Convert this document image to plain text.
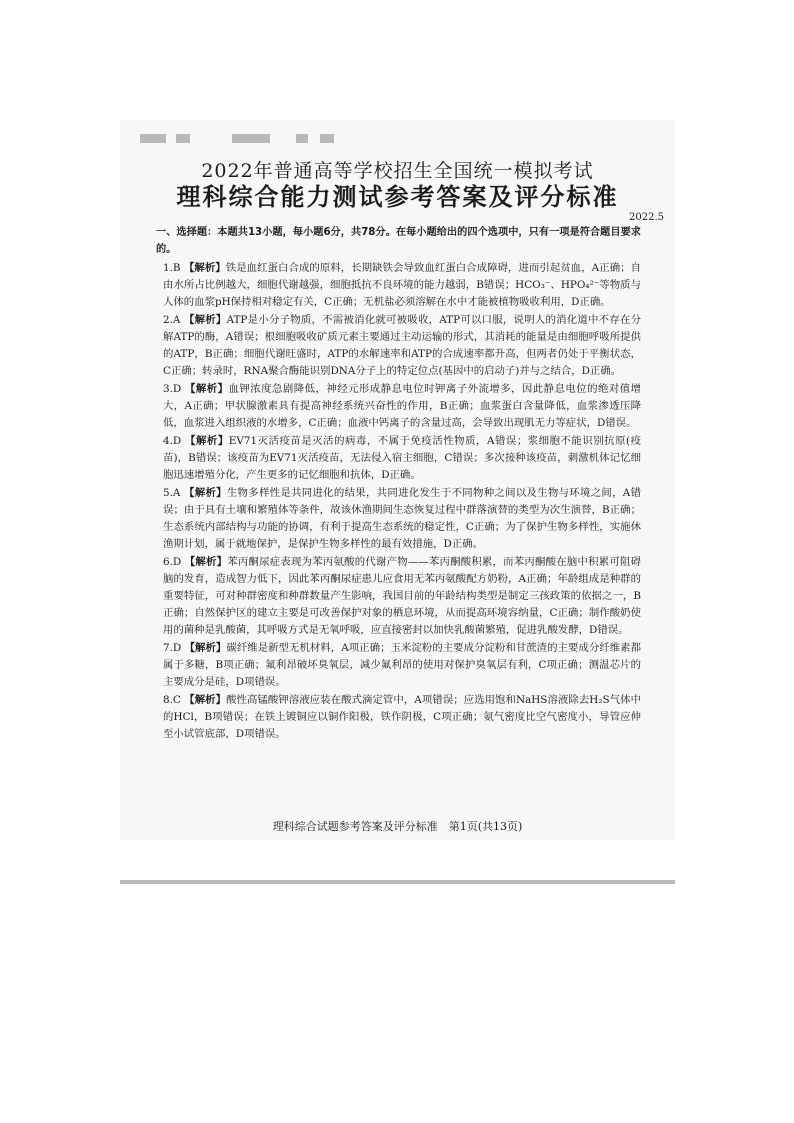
2022年普通高等学校招生全国统一模拟考试
理科综合能力测试参考答案及评分标准
2022.5
一、选择题：本题共13小题，每小题6分，共78分。在每小题给出的四个选项中，只有一项是符合题目要求的。
1.B 【解析】铁是血红蛋白合成的原料，长期缺铁会导致血红蛋白合成障碍，进而引起贫血，A正确；自由水所占比例越大，细胞代谢越强，细胞抵抗不良环境的能力越弱，B错误；HCO₃⁻、HPO₄²⁻等物质与人体的血浆pH保持相对稳定有关，C正确；无机盐必须溶解在水中才能被植物吸收利用，D正确。
2.A 【解析】ATP是小分子物质，不需被消化就可被吸收，ATP可以口服，说明人的消化道中不存在分解ATP的酶，A错误；根细胞吸收矿质元素主要通过主动运输的形式，其消耗的能量是由细胞呼吸所提供的ATP，B正确；细胞代谢旺盛时，ATP的水解速率和ATP的合成速率都升高，但两者仍处于平衡状态，C正确；转录时，RNA聚合酶能识别DNA分子上的特定位点(基因中的启动子)并与之结合，D正确。
3.D 【解析】血钾浓度急剧降低，神经元形成静息电位时钾离子外流增多，因此静息电位的绝对值增大，A正确；甲状腺激素具有提高神经系统兴奋性的作用，B正确；血浆蛋白含量降低，血浆渗透压降低，血浆进入组织液的水增多，C正确；血液中钙离子的含量过高，会导致出现肌无力等症状，D错误。
4.D 【解析】EV71灭活疫苗是灭活的病毒，不属于免疫活性物质，A错误；浆细胞不能识别抗原(疫苗)，B错误；该疫苗为EV71灭活疫苗，无法侵入宿主细胞，C错误；多次接种该疫苗，刺激机体记忆细胞迅速增殖分化，产生更多的记忆细胞和抗体，D正确。
5.A 【解析】生物多样性是共同进化的结果，共同进化发生于不同物种之间以及生物与环境之间，A错误；由于具有土壤和繁殖体等条件，故该休渔期间生态恢复过程中群落演替的类型为次生演替，B正确；生态系统内部结构与功能的协调，有利于提高生态系统的稳定性，C正确；为了保护生物多样性，实施休渔期计划，属于就地保护，是保护生物多样性的最有效措施，D正确。
6.D 【解析】苯丙酮尿症表现为苯丙氨酸的代谢产物——苯丙酮酸积累，而苯丙酮酸在脑中积累可阻碍脑的发育，造成智力低下，因此苯丙酮尿症患儿应食用无苯丙氨酸配方奶粉，A正确；年龄组成是种群的重要特征，可对种群密度和种群数量产生影响，我国目前的年龄结构类型是制定三孩政策的依据之一，B正确；自然保护区的建立主要是可改善保护对象的栖息环境，从而提高环境容纳量，C正确；制作酸奶使用的菌种是乳酸菌，其呼吸方式是无氧呼吸，应直接密封以加快乳酸菌繁殖，促进乳酸发酵，D错误。
7.D 【解析】碳纤维是新型无机材料，A项正确；玉米淀粉的主要成分淀粉和甘蔗渣的主要成分纤维素都属于多糖，B项正确；氟利昂破坏臭氧层，减少氟利昂的使用对保护臭氧层有利，C项正确；测温芯片的主要成分是硅，D项错误。
8.C 【解析】酸性高锰酸钾溶液应装在酸式滴定管中，A项错误；应选用饱和NaHS溶液除去H₂S气体中的HCl，B项错误；在铁上镀铜应以铜作阳极，铁作阴极，C项正确；氨气密度比空气密度小，导管应伸至小试管底部，D项错误。
理科综合试题参考答案及评分标准　第1页(共13页)
